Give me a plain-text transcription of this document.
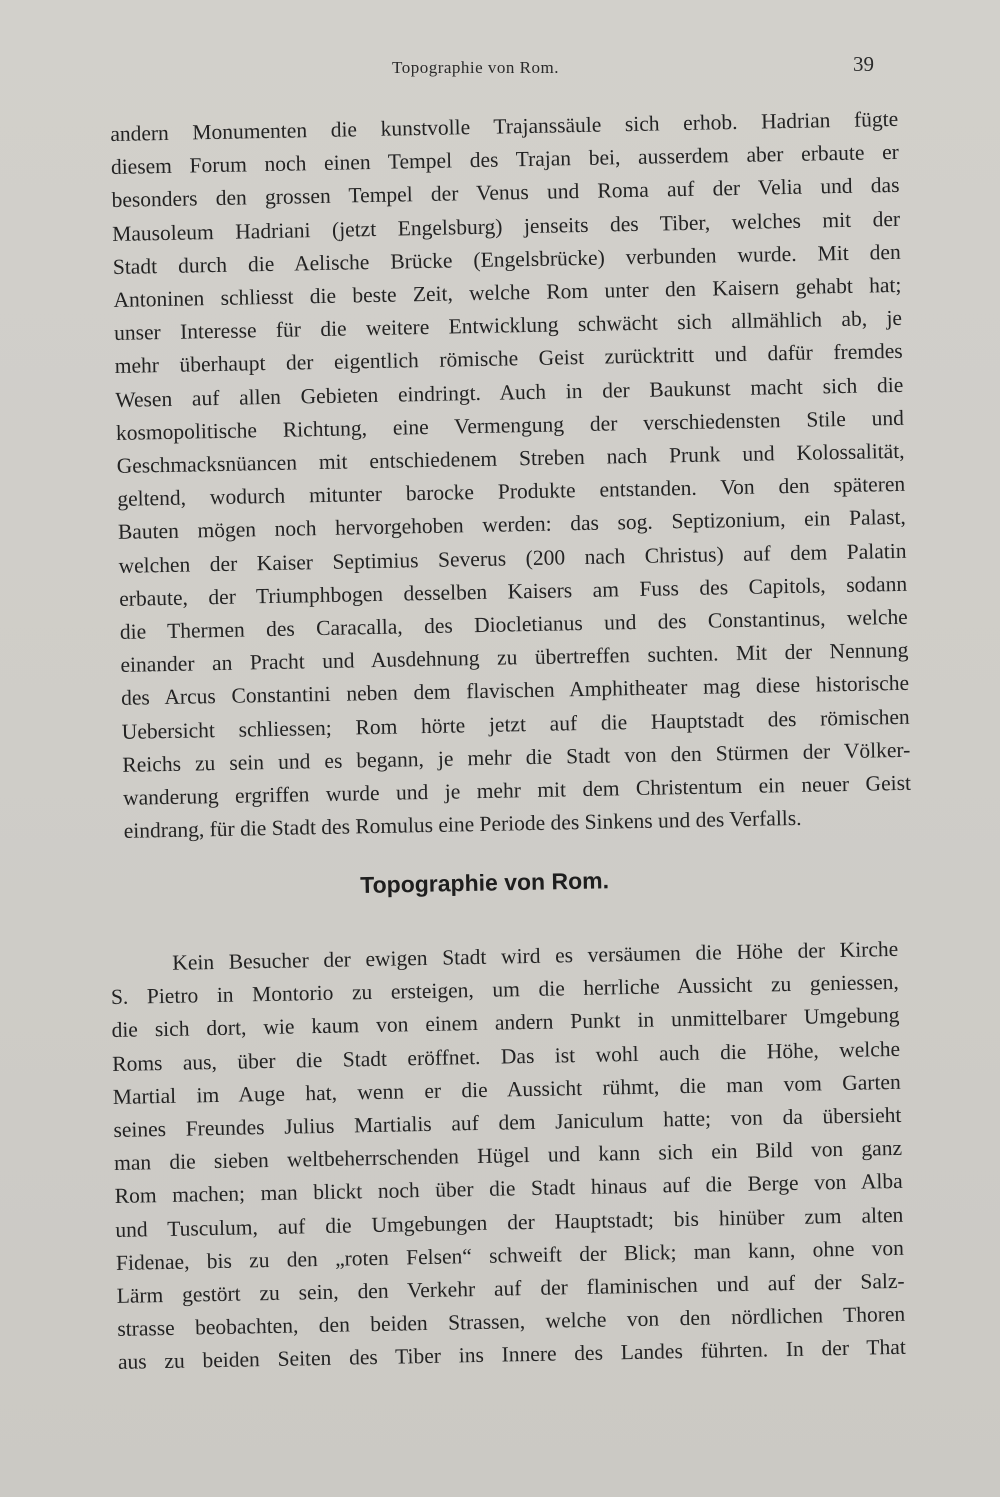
Topographie von Rom.	39
andern Monumenten die kunstvolle Trajanssäule sich erhob. Hadrian fügte
diesem Forum noch einen Tempel des Trajan bei, ausserdem aber erbaute er
besonders den grossen Tempel der Venus und Roma auf der Velia und das
Mausoleum Hadriani (jetzt Engelsburg) jenseits des Tiber, welches mit der
Stadt durch die Aelische Brücke (Engelsbrücke) verbunden wurde. Mit den
Antoninen schliesst die beste Zeit, welche Rom unter den Kaisern gehabt hat;
unser Interesse für die weitere Entwicklung schwächt sich allmählich ab, je
mehr überhaupt der eigentlich römische Geist zurücktritt und dafür fremdes
Wesen auf allen Gebieten eindringt. Auch in der Baukunst macht sich die
kosmopolitische Richtung, eine Vermengung der verschiedensten Stile und
Geschmacksnüancen mit entschiedenem Streben nach Prunk und Kolossalität,
geltend, wodurch mitunter barocke Produkte entstanden. Von den späteren
Bauten mögen noch hervorgehoben werden: das sog. Septizonium, ein Palast,
welchen der Kaiser Septimius Severus (200 nach Christus) auf dem Palatin
erbaute, der Triumphbogen desselben Kaisers am Fuss des Capitols, sodann
die Thermen des Caracalla, des Diocletianus und des Constantinus, welche
einander an Pracht und Ausdehnung zu übertreffen suchten. Mit der Nennung
des Arcus Constantini neben dem flavischen Amphitheater mag diese historische
Uebersicht schliessen; Rom hörte jetzt auf die Hauptstadt des römischen
Reichs zu sein und es begann, je mehr die Stadt von den Stürmen der Völker-
wanderung ergriffen wurde und je mehr mit dem Christentum ein neuer Geist
eindrang, für die Stadt des Romulus eine Periode des Sinkens und des Verfalls.
Topographie von Rom.
Kein Besucher der ewigen Stadt wird es versäumen die Höhe der Kirche
S. Pietro in Montorio zu ersteigen, um die herrliche Aussicht zu geniessen,
die sich dort, wie kaum von einem andern Punkt in unmittelbarer Umgebung
Roms aus, über die Stadt eröffnet. Das ist wohl auch die Höhe, welche
Martial im Auge hat, wenn er die Aussicht rühmt, die man vom Garten
seines Freundes Julius Martialis auf dem Janiculum hatte; von da übersieht
man die sieben weltbeherrschenden Hügel und kann sich ein Bild von ganz
Rom machen; man blickt noch über die Stadt hinaus auf die Berge von Alba
und Tusculum, auf die Umgebungen der Hauptstadt; bis hinüber zum alten
Fidenae, bis zu den „roten Felsen“ schweift der Blick; man kann, ohne von
Lärm gestört zu sein, den Verkehr auf der flaminischen und auf der Salz-
strasse beobachten, den beiden Strassen, welche von den nördlichen Thoren
aus zu beiden Seiten des Tiber ins Innere des Landes führten. In der That
